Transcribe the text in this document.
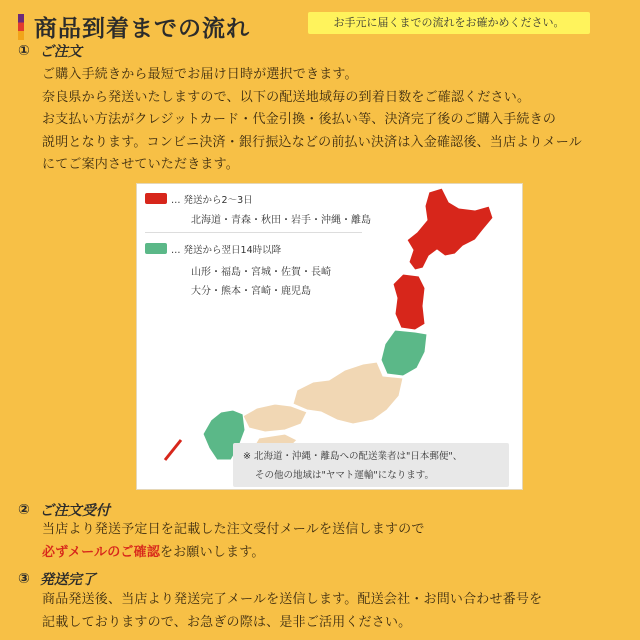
商品到着までの流れ	お手元に届くまでの流れをお確かめください。
① ご注文
ご購入手続きから最短でお届け日時が選択できます。
奈良県から発送いたしますので、以下の配送地域毎の到着日数をご確認ください。
お支払い方法がクレジットカード・代金引換・後払い等、決済完了後のご購入手続きの
説明となります。コンビニ決済・銀行振込などの前払い決済は入金確認後、当店よりメール
にてご案内させていただきます。
… 発送から2〜3日
北海道・青森・秋田・岩手・沖縄・離島
… 発送から翌日14時以降
山形・福島・宮城・佐賀・長崎
大分・熊本・宮崎・鹿児島
※ 北海道・沖縄・離島への配送業者は"日本郵便"、
その他の地域は"ヤマト運輸"になります。
② ご注文受付
当店より発送予定日を記載した注文受付メールを送信しますので
必ずメールのご確認をお願いします。
③ 発送完了
商品発送後、当店より発送完了メールを送信します。配送会社・お問い合わせ番号を
記載しておりますので、お急ぎの際は、是非ご活用ください。
